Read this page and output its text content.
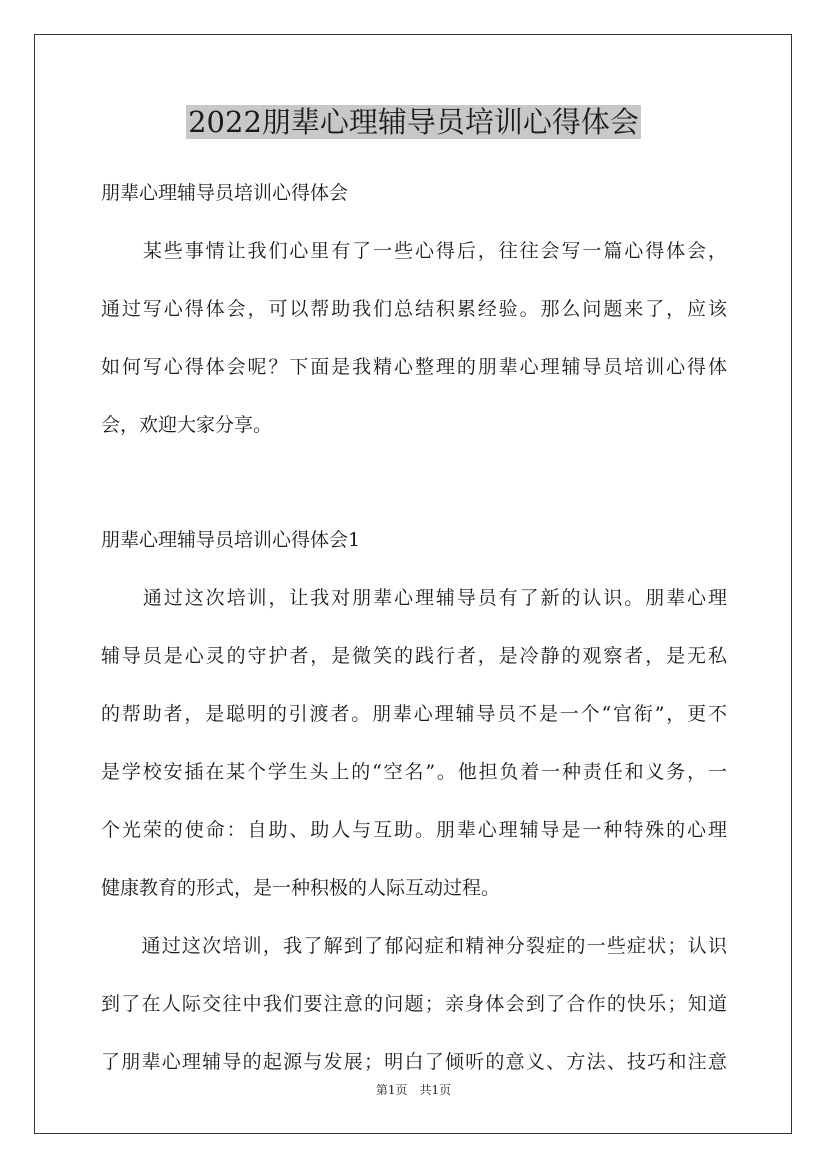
2022朋辈心理辅导员培训心得体会

朋辈心理辅导员培训心得体会

　　某些事情让我们心里有了一些心得后，往往会写一篇心得体会，

通过写心得体会，可以帮助我们总结积累经验。那么问题来了，应该

如何写心得体会呢？下面是我精心整理的朋辈心理辅导员培训心得体

会，欢迎大家分享。

朋辈心理辅导员培训心得体会1

　　通过这次培训，让我对朋辈心理辅导员有了新的认识。朋辈心理

辅导员是心灵的守护者，是微笑的践行者，是冷静的观察者，是无私

的帮助者，是聪明的引渡者。朋辈心理辅导员不是一个“官衔”，更不

是学校安插在某个学生头上的“空名”。他担负着一种责任和义务，一

个光荣的使命：自助、助人与互助。朋辈心理辅导是一种特殊的心理

健康教育的形式，是一种积极的人际互动过程。

　　通过这次培训，我了解到了郁闷症和精神分裂症的一些症状；认识

到了在人际交往中我们要注意的问题；亲身体会到了合作的快乐；知道

了朋辈心理辅导的起源与发展；明白了倾听的意义、方法、技巧和注意

第1页　共1页
